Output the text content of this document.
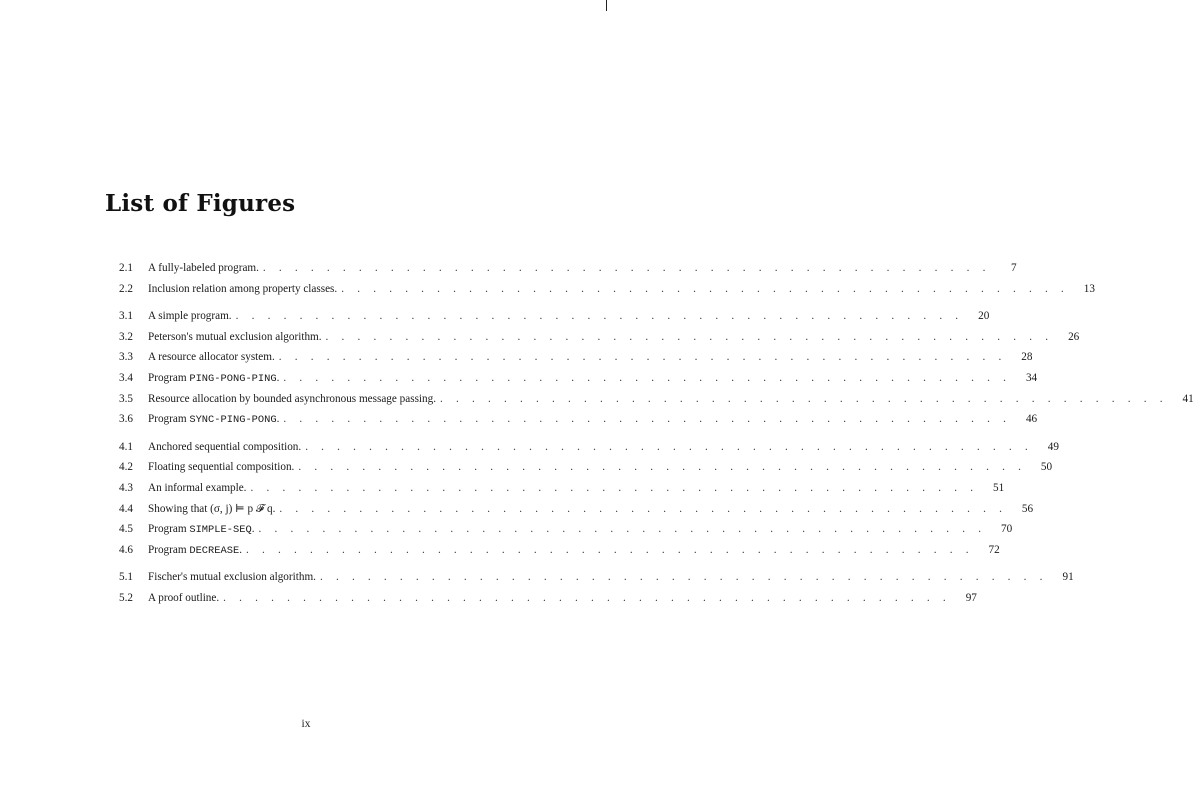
List of Figures
2.1	A fully-labeled program. . . . . . . . . . . . . . . . . . . . . . . . . . . . . . . . . . . . . . . . . . . . . . .	7
2.2	Inclusion relation among property classes. . . . . . . . . . . . . . . . . . . . . . . . . . . . . . . . . . . . . . . . . . . . . . .	13
3.1	A simple program. . . . . . . . . . . . . . . . . . . . . . . . . . . . . . . . . . . . . . . . . . . . . . .	20
3.2	Peterson's mutual exclusion algorithm. . . . . . . . . . . . . . . . . . . . . . . . . . . . . . . . . . . . . . . . . . . . . . .	26
3.3	A resource allocator system. . . . . . . . . . . . . . . . . . . . . . . . . . . . . . . . . . . . . . . . . . . . . . .	28
3.4	Program PING-PONG-PING. . . . . . . . . . . . . . . . . . . . . . . . . . . . . . . . . . . . . . . . . . . . . . .	34
3.5	Resource allocation by bounded asynchronous message passing. . . . . . . . . . . . . . . . . . . . . . . . . . . . . . . . . . . . . . . . . . . . . . .	41
3.6	Program SYNC-PING-PONG. . . . . . . . . . . . . . . . . . . . . . . . . . . . . . . . . . . . . . . . . . . . . . .	46
4.1	Anchored sequential composition. . . . . . . . . . . . . . . . . . . . . . . . . . . . . . . . . . . . . . . . . . . . . . .	49
4.2	Floating sequential composition. . . . . . . . . . . . . . . . . . . . . . . . . . . . . . . . . . . . . . . . . . . . . . .	50
4.3	An informal example. . . . . . . . . . . . . . . . . . . . . . . . . . . . . . . . . . . . . . . . . . . . . . .	51
4.4	Showing that (σ, j) ⊨ p 𝓕 q. . . . . . . . . . . . . . . . . . . . . . . . . . . . . . . . . . . . . . . . . . . . . . .	56
4.5	Program SIMPLE-SEQ. . . . . . . . . . . . . . . . . . . . . . . . . . . . . . . . . . . . . . . . . . . . . . .	70
4.6	Program DECREASE. . . . . . . . . . . . . . . . . . . . . . . . . . . . . . . . . . . . . . . . . . . . . . .	72
5.1	Fischer's mutual exclusion algorithm. . . . . . . . . . . . . . . . . . . . . . . . . . . . . . . . . . . . . . . . . . . . . . .	91
5.2	A proof outline. . . . . . . . . . . . . . . . . . . . . . . . . . . . . . . . . . . . . . . . . . . . . . .	97
ix
